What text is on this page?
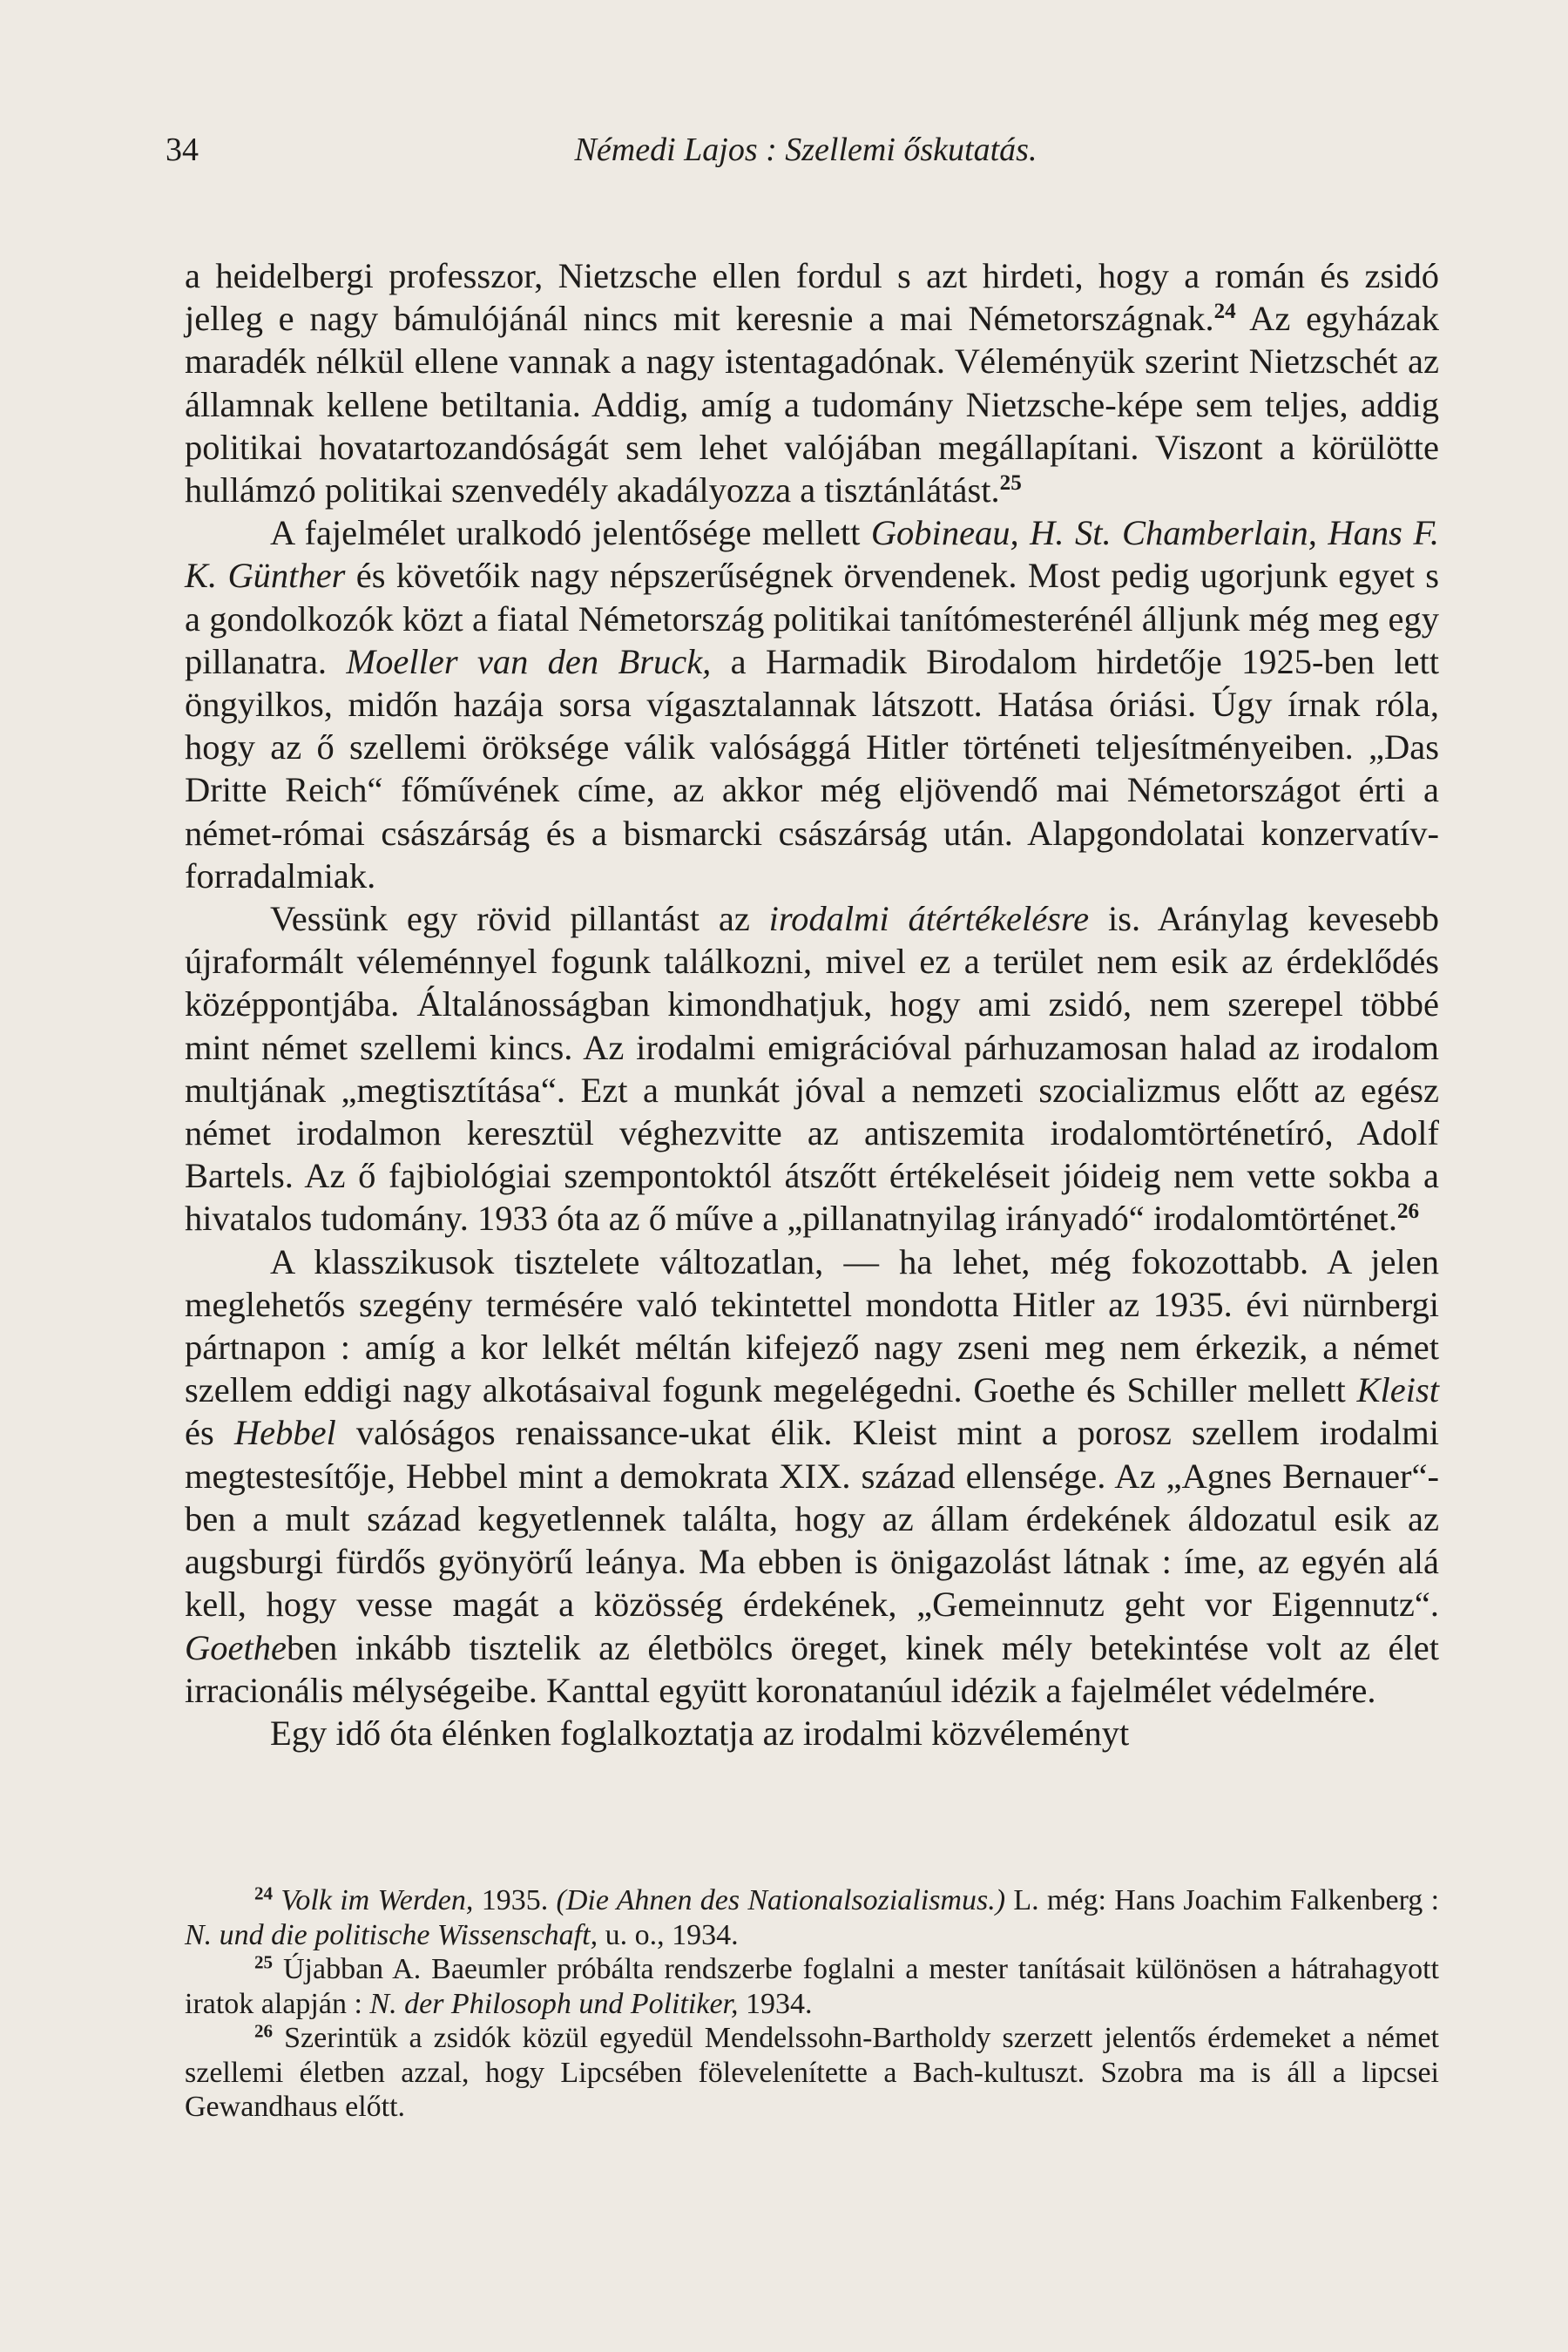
34	Némedi Lajos : Szellemi őskutatás.

a heidelbergi professzor, Nietzsche ellen fordul s azt hirdeti, hogy a román és zsidó jelleg e nagy bámulójánál nincs mit keresnie a mai Németországnak.$^{24}$ Az egyházak maradék nélkül ellene vannak a nagy istentagadónak. Véleményük szerint Nietzschét az államnak kellene betiltania. Addig, amíg a tudomány Nietzsche-képe sem teljes, addig politikai hovatartozandóságát sem lehet valójában megállapítani. Viszont a körülötte hullámzó politikai szenvedély akadályozza a tisztánlátást.$^{25}$

A fajelmélet uralkodó jelentősége mellett Gobineau, H. St. Chamberlain, Hans F. K. Günther és követőik nagy népszerűségnek örvendenek. Most pedig ugorjunk egyet s a gondolkozók közt a fiatal Németország politikai tanítómesterénél álljunk még meg egy pillanatra. Moeller van den Bruck, a Harmadik Birodalom hirdetője 1925-ben lett öngyilkos, midőn hazája sorsa vígasztalannak látszott. Hatása óriási. Úgy írnak róla, hogy az ő szellemi öröksége válik valósággá Hitler történeti teljesítményeiben. „Das Dritte Reich“ főművének címe, az akkor még eljövendő mai Németországot érti a német-római császárság és a bismarcki császárság után. Alapgondolatai konzervatív-forradalmiak.

Vessünk egy rövid pillantást az irodalmi átértékelésre is. Aránylag kevesebb újraformált véleménnyel fogunk találkozni, mivel ez a terület nem esik az érdeklődés középpontjába. Általánosságban kimondhatjuk, hogy ami zsidó, nem szerepel többé mint német szellemi kincs. Az irodalmi emigrációval párhuzamosan halad az irodalom multjának „megtisztítása“. Ezt a munkát jóval a nemzeti szocializmus előtt az egész német irodalmon keresztül véghezvitte az antiszemita irodalomtörténetíró, Adolf Bartels. Az ő fajbiológiai szempontoktól átszőtt értékeléseit jóideig nem vette sokba a hivatalos tudomány. 1933 óta az ő műve a „pillanatnyilag irányadó“ irodalomtörténet.$^{26}$

A klasszikusok tisztelete változatlan, — ha lehet, még fokozottabb. A jelen meglehetős szegény termésére való tekintettel mondotta Hitler az 1935. évi nürnbergi pártnapon : amíg a kor lelkét méltán kifejező nagy zseni meg nem érkezik, a német szellem eddigi nagy alkotásaival fogunk megelégedni. Goethe és Schiller mellett Kleist és Hebbel valóságos renaissance-ukat élik. Kleist mint a porosz szellem irodalmi megtestesítője, Hebbel mint a demokrata XIX. század ellensége. Az „Agnes Bernauer“-ben a mult század kegyetlennek találta, hogy az állam érdekének áldozatul esik az augsburgi fürdős gyönyörű leánya. Ma ebben is önigazolást látnak : íme, az egyén alá kell, hogy vesse magát a közösség érdekének, „Gemeinnutz geht vor Eigennutz“. Goetheben inkább tisztelik az életbölcs öreget, kinek mély betekintése volt az élet irracionális mélységeibe. Kanttal együtt koronatanúul idézik a fajelmélet védelmére.

Egy idő óta élénken foglalkoztatja az irodalmi közvéleményt

$^{24}$ Volk im Werden, 1935. (Die Ahnen des Nationalsozialismus.) L. még: Hans Joachim Falkenberg : N. und die politische Wissenschaft, u. o., 1934.

$^{25}$ Újabban A. Baeumler próbálta rendszerbe foglalni a mester tanításait különösen a hátrahagyott iratok alapján : N. der Philosoph und Politiker, 1934.

$^{26}$ Szerintük a zsidók közül egyedül Mendelssohn-Bartholdy szerzett jelentős érdemeket a német szellemi életben azzal, hogy Lipcsében fölevelenítette a Bach-kultuszt. Szobra ma is áll a lipcsei Gewandhaus előtt.
